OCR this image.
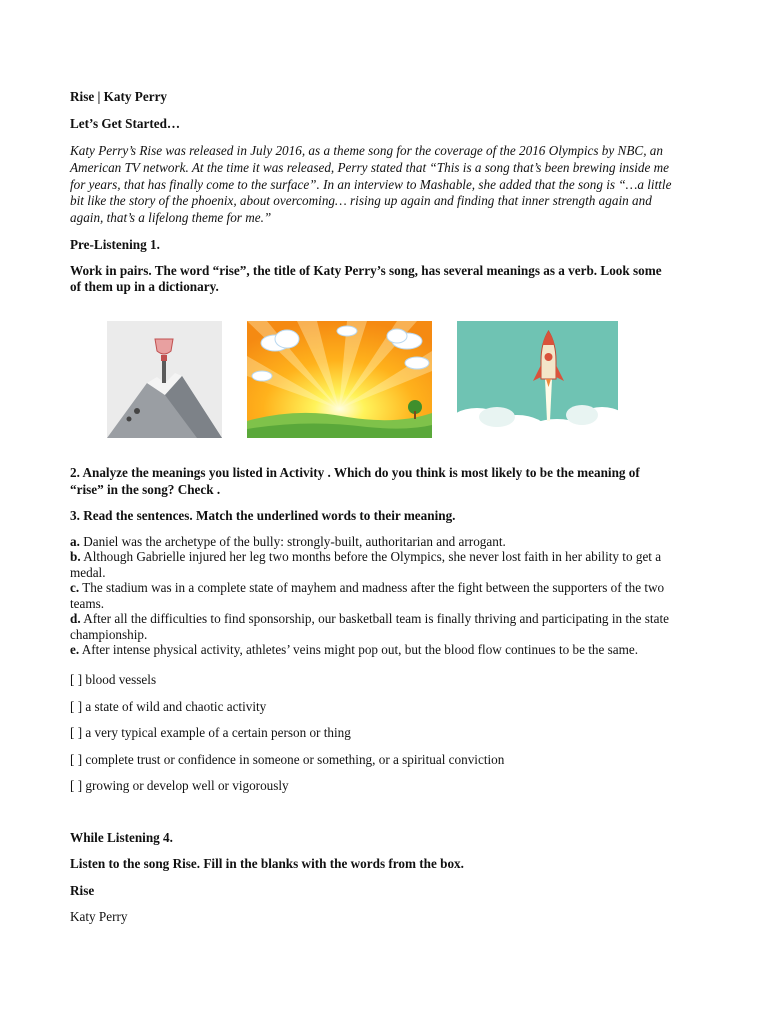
Rise | Katy Perry
Let’s Get Started…
Katy Perry’s Rise was released in July 2016, as a theme song for the coverage of the 2016 Olympics by NBC, an
American TV network. At the time it was released, Perry stated that “This is a song that’s been brewing inside me
for years, that has finally come to the surface”. In an interview to Mashable, she added that the song is “…a little
bit like the story of the phoenix, about overcoming… rising up again and finding that inner strength again and
again, that’s a lifelong theme for me.”
Pre-Listening 1.
Work in pairs. The word “rise”, the title of Katy Perry’s song, has several meanings as a verb. Look some
of them up in a dictionary.
2. Analyze the meanings you listed in Activity . Which do you think is most likely to be the meaning of
“rise” in the song? Check .
3. Read the sentences. Match the underlined words to their meaning.
a. Daniel was the archetype of the bully: strongly-built, authoritarian and arrogant.
b. Although Gabrielle injured her leg two months before the Olympics, she never lost faith in her ability to get a
medal.
c. The stadium was in a complete state of mayhem and madness after the fight between the supporters of the two
teams.
d. After all the difficulties to find sponsorship, our basketball team is finally thriving and participating in the state
championship.
e. After intense physical activity, athletes’ veins might pop out, but the blood flow continues to be the same.
[ ] blood vessels
[ ] a state of wild and chaotic activity
[ ] a very typical example of a certain person or thing
[ ] complete trust or confidence in someone or something, or a spiritual conviction
[ ] growing or develop well or vigorously
While Listening 4.
Listen to the song Rise. Fill in the blanks with the words from the box.
Rise
Katy Perry
